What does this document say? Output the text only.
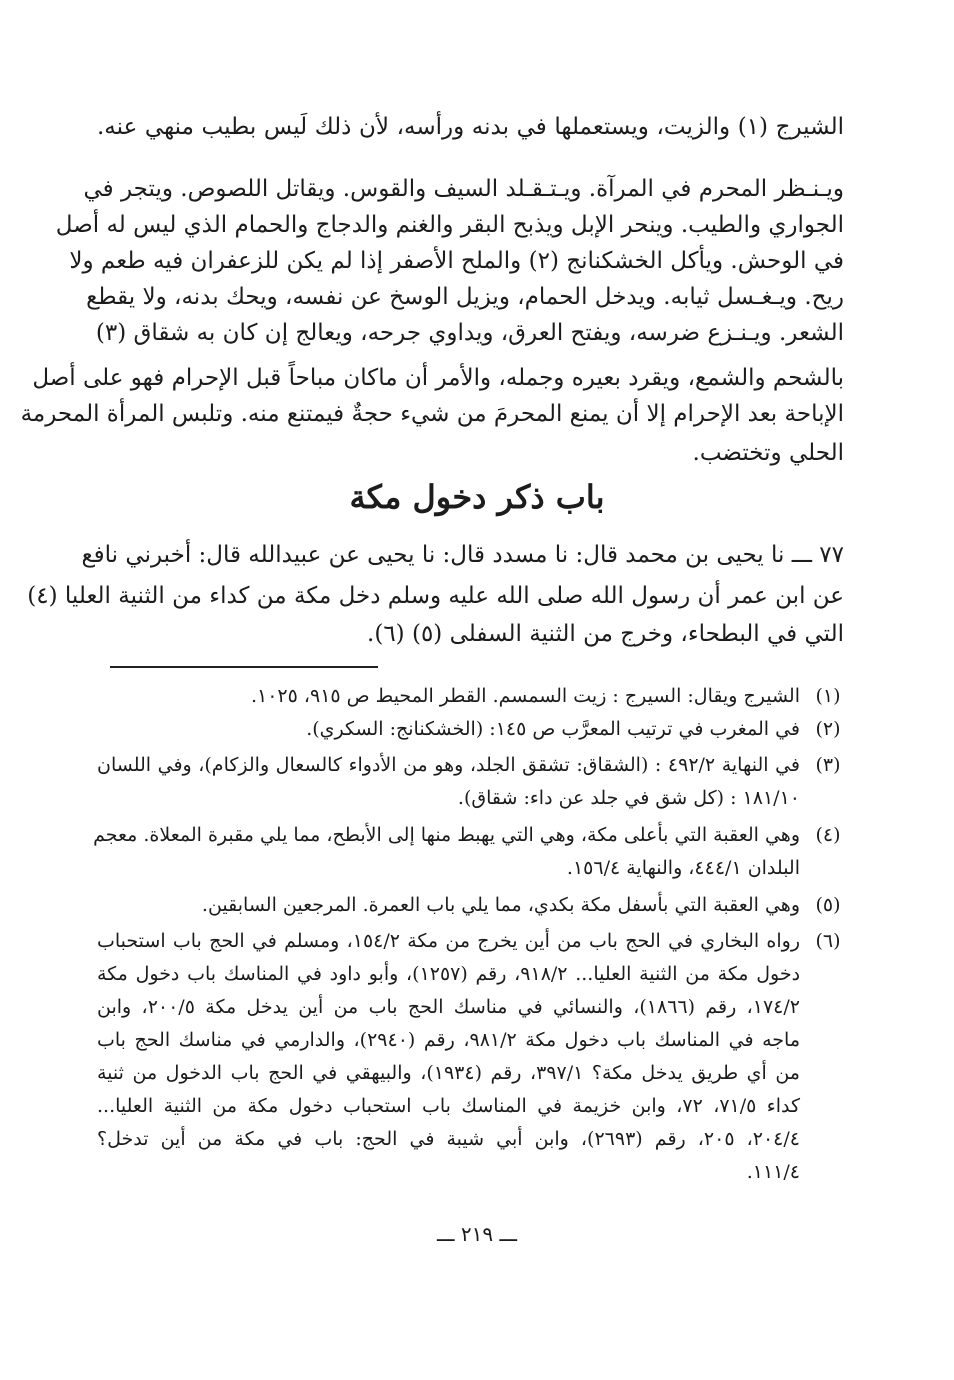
الشيرج (١) والزيت، ويستعملها في بدنه ورأسه، لأن ذلك لَيس بطيب منهي عنه.
ويـنـظر المحرم في المرآة. ويـتـقـلد السيف والقوس. ويقاتل اللصوص. ويتجر في
الجواري والطيب. وينحر الإبل ويذبح البقر والغنم والدجاج والحمام الذي ليس له أصل
في الوحش. ويأكل الخشكنانج (٢) والملح الأصفر إذا لم يكن للزعفران فيه طعم ولا
ريح. ويـغـسل ثيابه. ويدخل الحمام، ويزيل الوسخ عن نفسه، ويحك بدنه، ولا يقطع
الشعر. ويـنـزع ضرسه، ويفتح العرق، ويداوي جرحه، ويعالج إن كان به شقاق (٣)
بالشحم والشمع، ويقرد بعيره وجمله، والأمر أن ماكان مباحاً قبل الإحرام فهو على أصل
الإباحة بعد الإحرام إلا أن يمنع المحرمَ من شيء حجةٌ فيمتنع منه. وتلبس المرأة المحرمة
الحلي وتختضب.
باب ذكر دخول مكة
٧٧ ـــ نا يحيى بن محمد قال: نا مسدد قال: نا يحيى عن عبيدالله قال: أخبرني نافع
عن ابن عمر أن رسول الله صلى الله عليه وسلم دخل مكة من كداء من الثنية العليا (٤)
التي في البطحاء، وخرج من الثنية السفلى (٥) (٦).
(١)
الشيرج ويقال: السيرج : زيت السمسم. القطر المحيط ص ٩١٥، ١٠٢٥.
(٢)
في المغرب في ترتيب المعرَّب ص ١٤٥: (الخشكنانج: السكري).
(٣)
في النهاية ٤٩٢/٢ : (الشقاق: تشقق الجلد، وهو من الأدواء كالسعال والزكام)، وفي اللسان
١٨١/١٠ : (كل شق في جلد عن داء: شقاق).
(٤)
وهي العقبة التي بأعلى مكة، وهي التي يهبط منها إلى الأبطح، مما يلي مقبرة المعلاة. معجم
البلدان ٤٤٤/١، والنهاية ١٥٦/٤.
(٥)
وهي العقبة التي بأسفل مكة بكدي، مما يلي باب العمرة. المرجعين السابقين.
(٦)
رواه البخاري في الحج باب من أين يخرج من مكة ١٥٤/٢، ومسلم في الحج باب استحباب
دخول مكة من الثنية العليا... ٩١٨/٢، رقم (١٢٥٧)، وأبو داود في المناسك باب دخول مكة
١٧٤/٢، رقم (١٨٦٦)، والنسائي في مناسك الحج باب من أين يدخل مكة ٢٠٠/٥، وابن
ماجه في المناسك باب دخول مكة ٩٨١/٢، رقم (٢٩٤٠)، والدارمي في مناسك الحج باب
من أي طريق يدخل مكة؟ ٣٩٧/١، رقم (١٩٣٤)، والبيهقي في الحج باب الدخول من ثنية
كداء ٧١/٥، ٧٢، وابن خزيمة في المناسك باب استحباب دخول مكة من الثنية العليا...
٢٠٤/٤، ٢٠٥، رقم (٢٦٩٣)، وابن أبي شيبة في الحج: باب في مكة من أين تدخل؟
١١١/٤.
ـــ ٢١٩ ـــ
